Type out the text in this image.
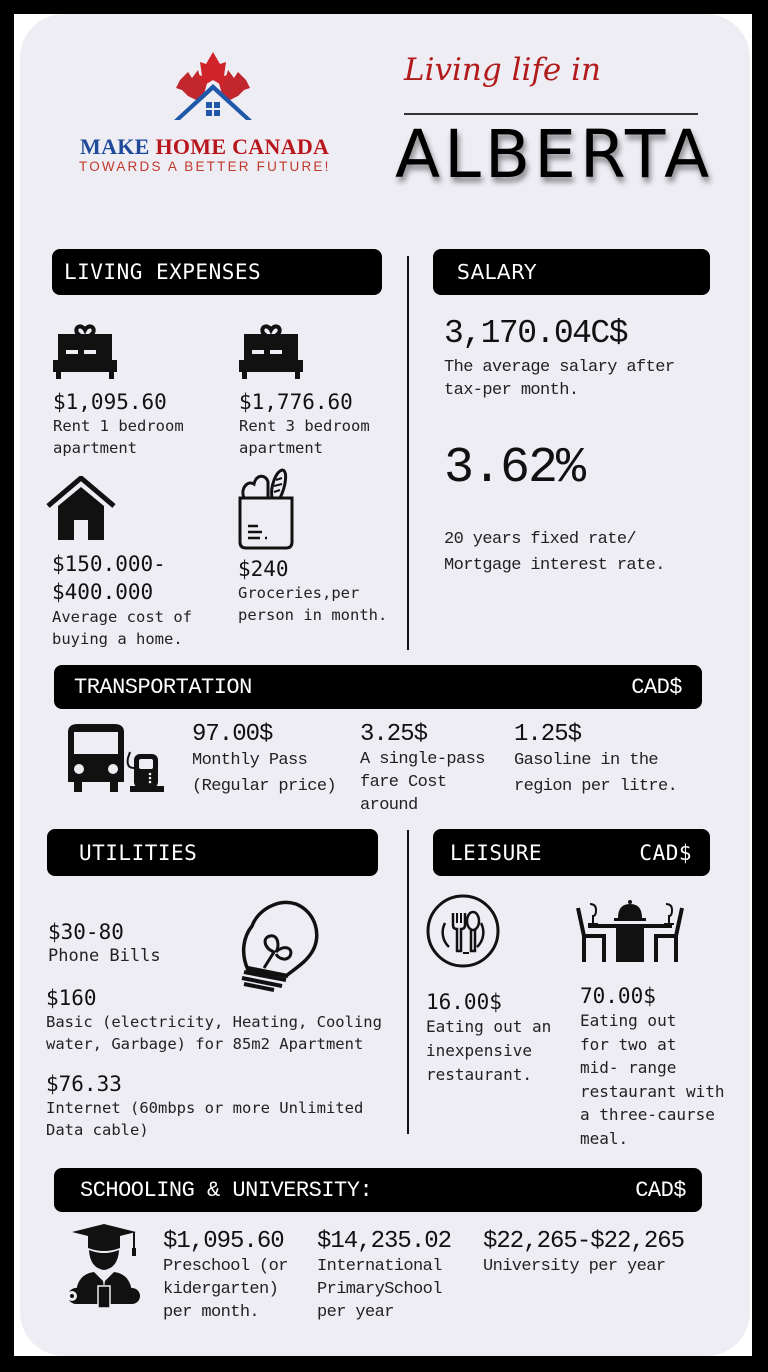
MAKE HOME CANADA
TOWARDS A BETTER FUTURE!
Living life in
ALBERTA
LIVING EXPENSES
$1,095.60
Rent 1 bedroom
apartment
$1,776.60
Rent 3 bedroom
apartment
$150.000-
$400.000
Average cost of
buying a home.
$240
Groceries,per
person in month.
SALARY
3,170.04C$
The average salary after
tax-per month.
3.62%
20 years fixed rate/
Mortgage interest rate.
TRANSPORTATION	CAD$
97.00$
Monthly Pass
(Regular price)
3.25$
A single-pass
fare Cost
around
1.25$
Gasoline in the
region per litre.
UTILITIES
$30-80
Phone Bills
$160
Basic (electricity, Heating, Cooling
water, Garbage) for 85m2 Apartment
$76.33
Internet (60mbps or more Unlimited
Data cable)
LEISURE	CAD$
16.00$
Eating out an
inexpensive
restaurant.
70.00$
Eating out
for two at
mid- range
restaurant with
a three-caurse
meal.
SCHOOLING & UNIVERSITY:	CAD$
$1,095.60
Preschool (or
kidergarten)
per month.
$14,235.02
International
PrimarySchool
per year
$22,265-$22,265
University per year
